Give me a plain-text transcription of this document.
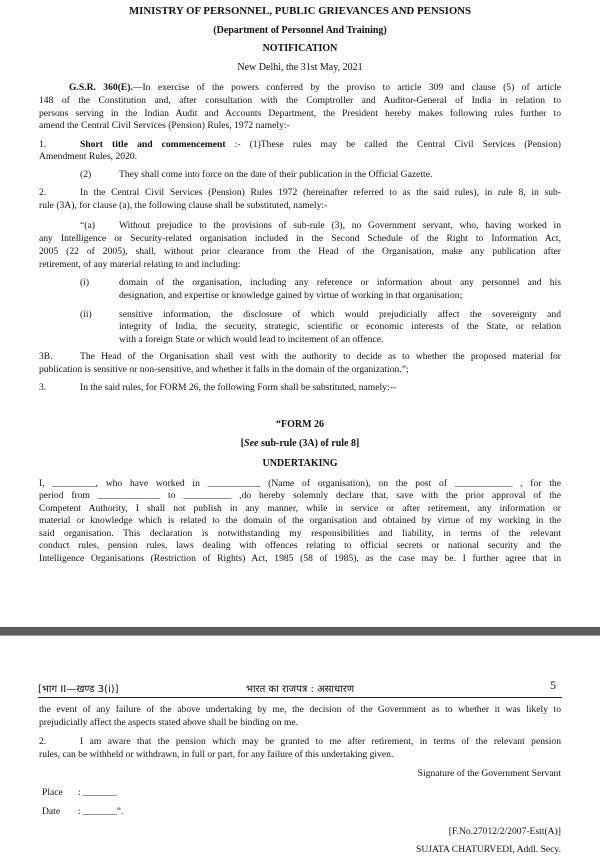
MINISTRY OF PERSONNEL, PUBLIC GRIEVANCES AND PENSIONS
(Department of Personnel And Training)
NOTIFICATION
New Delhi, the 31st May, 2021
G.S.R. 360(E).—In exercise of the powers conferred by the proviso to article 309 and clause (5) of article
148 of the Constitution and, after consultation with the Comptroller and Auditor-General of India in relation to
persons serving in the Indian Audit and Accounts Department, the President hereby makes following rules further to
amend the Central Civil Services (Pension) Rules, 1972 namely:-
1.	Short title and commencement :- (1)These rules may be called the Central Civil Services (Pension)
Amendment Rules, 2020.
(2)	They shall come into force on the date of their publication in the Official Gazette.
2.	In the Central Civil Services (Pension) Rules 1972 (hereinafter referred to as the said rules), in rule 8, in sub-
rule (3A), for clause (a), the following clause shall be substituted, namely:-
“(a)	Without prejudice to the provisions of sub-rule (3), no Government servant, who, having worked in
any Intelligence or Security-related organisation included in the Second Schedule of the Right to Information Act,
2005 (22 of 2005), shall, without prior clearance from the Head of the Organisation, make any publication after
retirement, of any material relating to and including:
(i)	domain of the organisation, including any reference or information about any personnel and his
designation, and expertise or knowledge gained by virtue of working in that organisation;
(ii)	sensitive information, the disclosure of which would prejudicially affect the sovereignty and
integrity of India, the security, strategic, scientific or economic interests of the State, or relation
with a foreign State or which would lead to incitement of an offence.
3B.	The Head of the Organisation shall vest with the authority to decide as to whether the proposed material for
publication is sensitive or non-sensitive, and whether it falls in the domain of the organization.”;
3.	In the said rules, for FORM 26, the following Form shall be substituted, namely:--
“FORM 26
[See sub-rule (3A) of rule 8]
UNDERTAKING
I, _________, who have worked in ___________ (Name of organisation), on the post of ____________ , for the
period from _____________ to __________ ,do hereby solemnly declare that, save with the prior approval of the
Competent Authority, I shall not publish in any manner, while in service or after retirement, any information or
material or knowledge which is related to the domain of the organisation and obtained by virtue of my working in the
said organisation. This declaration is notwithstanding my responsibilities and liability, in terms of the relevant
conduct rules, pension rules, laws dealing with offences relating to official secrets or national security and the
Intelligence Organisations (Restriction of Rights) Act, 1985 (58 of 1985), as the case may be. I further agree that in
[भाग II—खण्ड 3(i)]	भारत का राजपत्र : असाधारण	5
the event of any failure of the above undertaking by me, the decision of the Government as to whether it was likely to
prejudicially affect the aspects stated above shall be binding on me.
2.	I am aware that the pension which may be granted to me after retirement, in terms of the relevant pension
rules, can be withheld or withdrawn, in full or part, for any failure of this undertaking given.
Signature of the Government Servant
Place : _______
Date : _______”.
[F.No.27012/2/2007-Estt(A)]
SUJATA CHATURVEDI, Addl. Secy.
